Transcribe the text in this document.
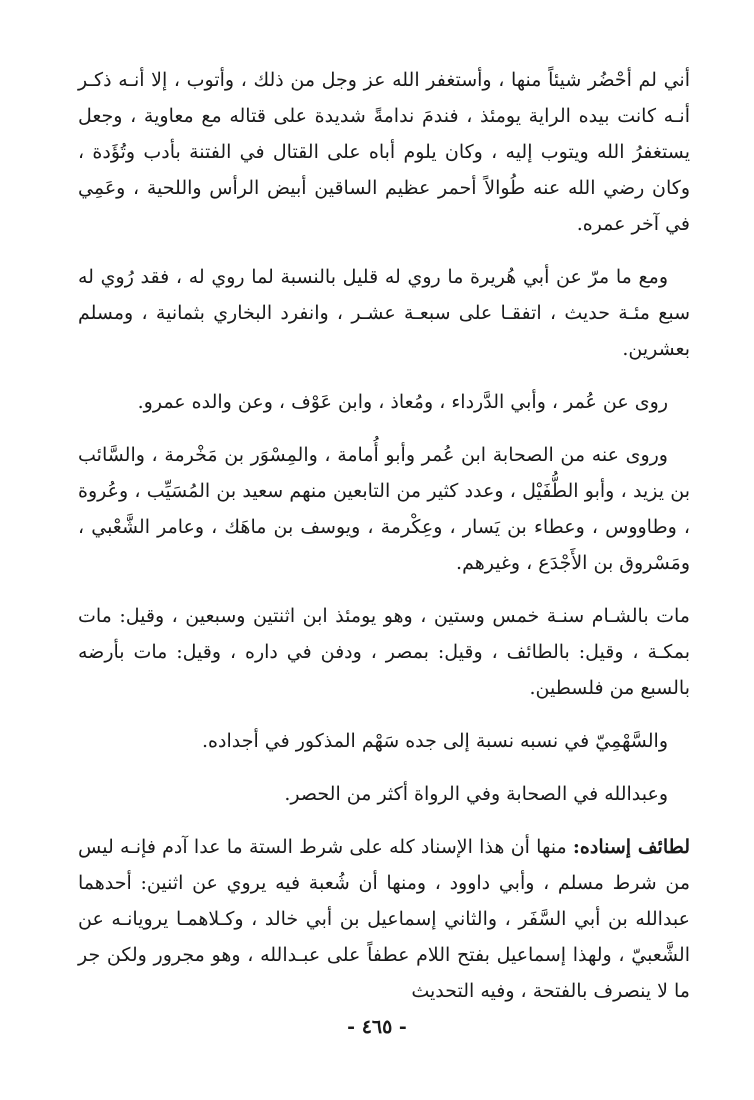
أني لم أحْضُر شيئاً منها ، وأستغفر الله عز وجل من ذلك ، وأتوب ، إلا أنـه ذكـر أنـه كانت بيده الراية يومئذ ، فندمَ ندامةً شديدة على قتاله مع معاوية ، وجعل يستغفرُ الله ويتوب إليه ، وكان يلوم أباه على القتال في الفتنة بأدب وتُؤَدة ، وكان رضي الله عنه طُوالاً أحمر عظيم الساقين أبيض الرأس واللحية ، وعَمِي في آخر عمره.

ومع ما مرّ عن أبي هُريرة ما روي له قليل بالنسبة لما روي له ، فقد رُوي له سبع مئـة حديث ، اتفقـا على سبعـة عشـر ، وانفرد البخاري بثمانية ، ومسلم بعشرين.

روى عن عُمر ، وأبي الدَّرداء ، ومُعاذ ، وابن عَوْف ، وعن والده عمرو.

وروى عنه من الصحابة ابن عُمر وأبو أُمامة ، والمِسْوَر بن مَخْرمة ، والسَّائب بن يزيد ، وأبو الطُّفَيْل ، وعدد كثير من التابعين منهم سعيد بن المُسَيِّب ، وعُروة ، وطاووس ، وعطاء بن يَسار ، وعِكْرمة ، ويوسف بن ماهَك ، وعامر الشَّعْبي ، ومَسْروق بن الأَجْدَع ، وغيرهم.

مات بالشـام سنـة خمس وستين ، وهو يومئذ ابن اثنتين وسبعين ، وقيل: مات بمكـة ، وقيل: بالطائف ، وقيل: بمصر ، ودفن في داره ، وقيل: مات بأرضه بالسبع من فلسطين.

والسَّهْمِيّ في نسبه نسبة إلى جده سَهْم المذكور في أجداده.

وعبدالله في الصحابة وفي الرواة أكثر من الحصر.

لطائف إسناده: منها أن هذا الإسناد كله على شرط الستة ما عدا آدم فإنـه ليس من شرط مسلم ، وأبي داوود ، ومنها أن شُعبة فيه يروي عن اثنين: أحدهما عبدالله بن أبي السَّفَر ، والثاني إسماعيل بن أبي خالد ، وكـلاهمـا يرويانـه عن الشَّعبيّ ، ولهذا إسماعيل بفتح اللام عطفاً على عبـدالله ، وهو مجرور ولكن جر ما لا ينصرف بالفتحة ، وفيه التحديث

- ٤٦٥ -
